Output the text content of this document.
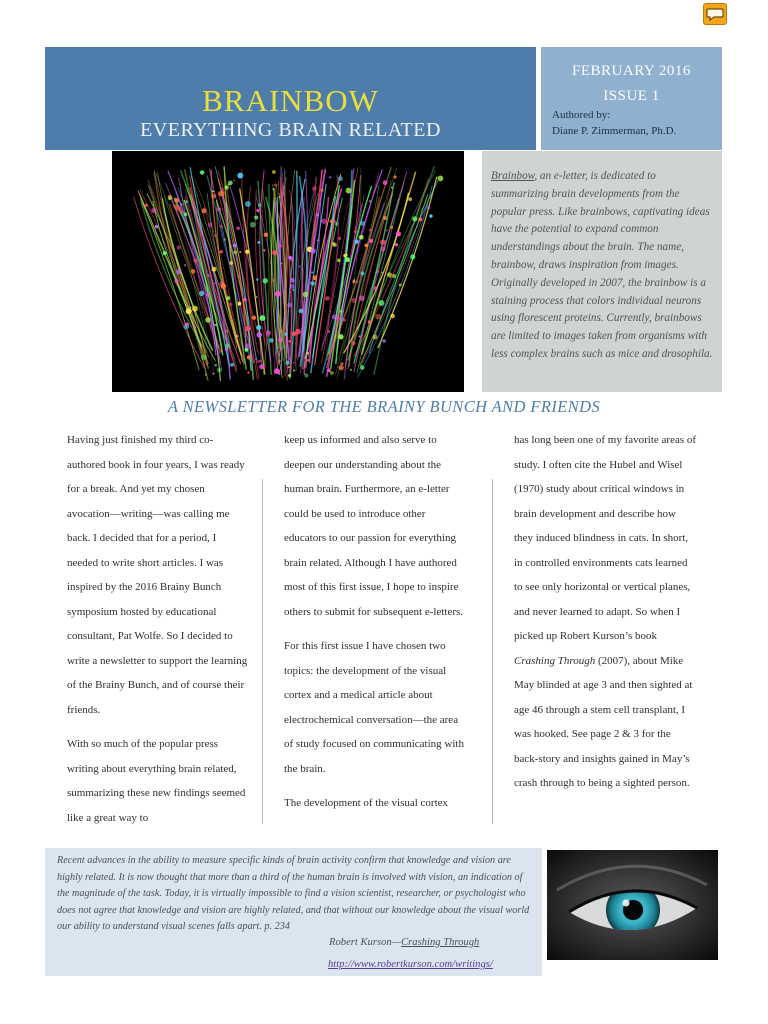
BRAINBOW
EVERYTHING BRAIN RELATED
FEBRUARY 2016
ISSUE 1
Authored by:
Diane P. Zimmerman, Ph.D.
Brainbow, an e-letter, is dedicated to summarizing brain developments from the popular press. Like brainbows, captivating ideas have the potential to expand common understandings about the brain. The name, brainbow, draws inspiration from images. Originally developed in 2007, the brainbow is a staining process that colors individual neurons using florescent proteins. Currently, brainbows are limited to images taken from organisms with less complex brains such as mice and drosophila.
A NEWSLETTER FOR THE BRAINY BUNCH AND FRIENDS

Having just finished my third co-authored book in four years, I was ready for a break. And yet my chosen avocation—writing—was calling me back. I decided that for a period, I needed to write short articles. I was inspired by the 2016 Brainy Bunch symposium hosted by educational consultant, Pat Wolfe. So I decided to write a newsletter to support the learning of the Brainy Bunch, and of course their friends.

With so much of the popular press writing about everything brain related, summarizing these new findings seemed like a great way to

keep us informed and also serve to deepen our understanding about the human brain. Furthermore, an e-letter could be used to introduce other educators to our passion for everything brain related. Although I have authored most of this first issue, I hope to inspire others to submit for subsequent e-letters.

For this first issue I have chosen two topics: the development of the visual cortex and a medical article about electrochemical conversation—the area of study focused on communicating with the brain.

The development of the visual cortex

has long been one of my favorite areas of study. I often cite the Hubel and Wisel (1970) study about critical windows in brain development and describe how they induced blindness in cats. In short, in controlled environments cats learned to see only horizontal or vertical planes, and never learned to adapt. So when I picked up Robert Kurson’s book Crashing Through (2007), about Mike May blinded at age 3 and then sighted at age 46 through a stem cell transplant, I was hooked. See page 2 & 3 for the back-story and insights gained in May’s crash through to being a sighted person.

Recent advances in the ability to measure specific kinds of brain activity confirm that knowledge and vision are highly related. It is now thought that more than a third of the human brain is involved with vision, an indication of the magnitude of the task. Today, it is virtually impossible to find a vision scientist, researcher, or psychologist who does not agree that knowledge and vision are highly related, and that without our knowledge about the visual world our ability to understand visual scenes falls apart. p. 234
Robert Kurson—Crashing Through
http://www.robertkurson.com/writings/
